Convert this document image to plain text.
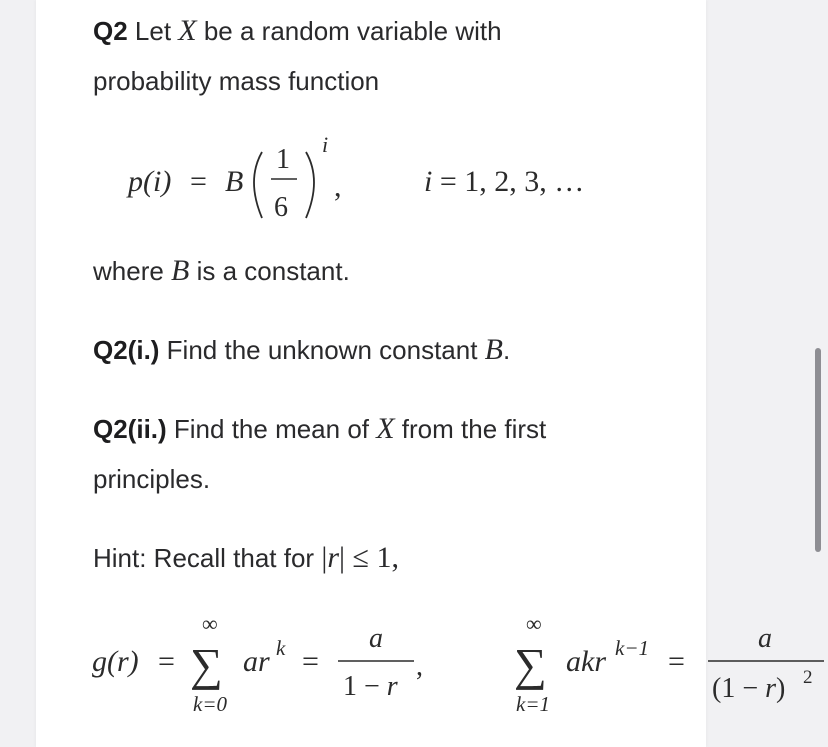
Q2 Let X be a random variable with
probability mass function
p(i) = B
1
6
i
,	i = 1, 2, 3, …
where B is a constant.
Q2(i.) Find the unknown constant B.
Q2(ii.) Find the mean of X from the first
principles.
Hint: Recall that for |r| ≤ 1,
g(r) =
∞
∑
k=0
ar k =
a
1 − r
,
∞
∑
k=1
akr k−1 =
a
(1 − r) 2
